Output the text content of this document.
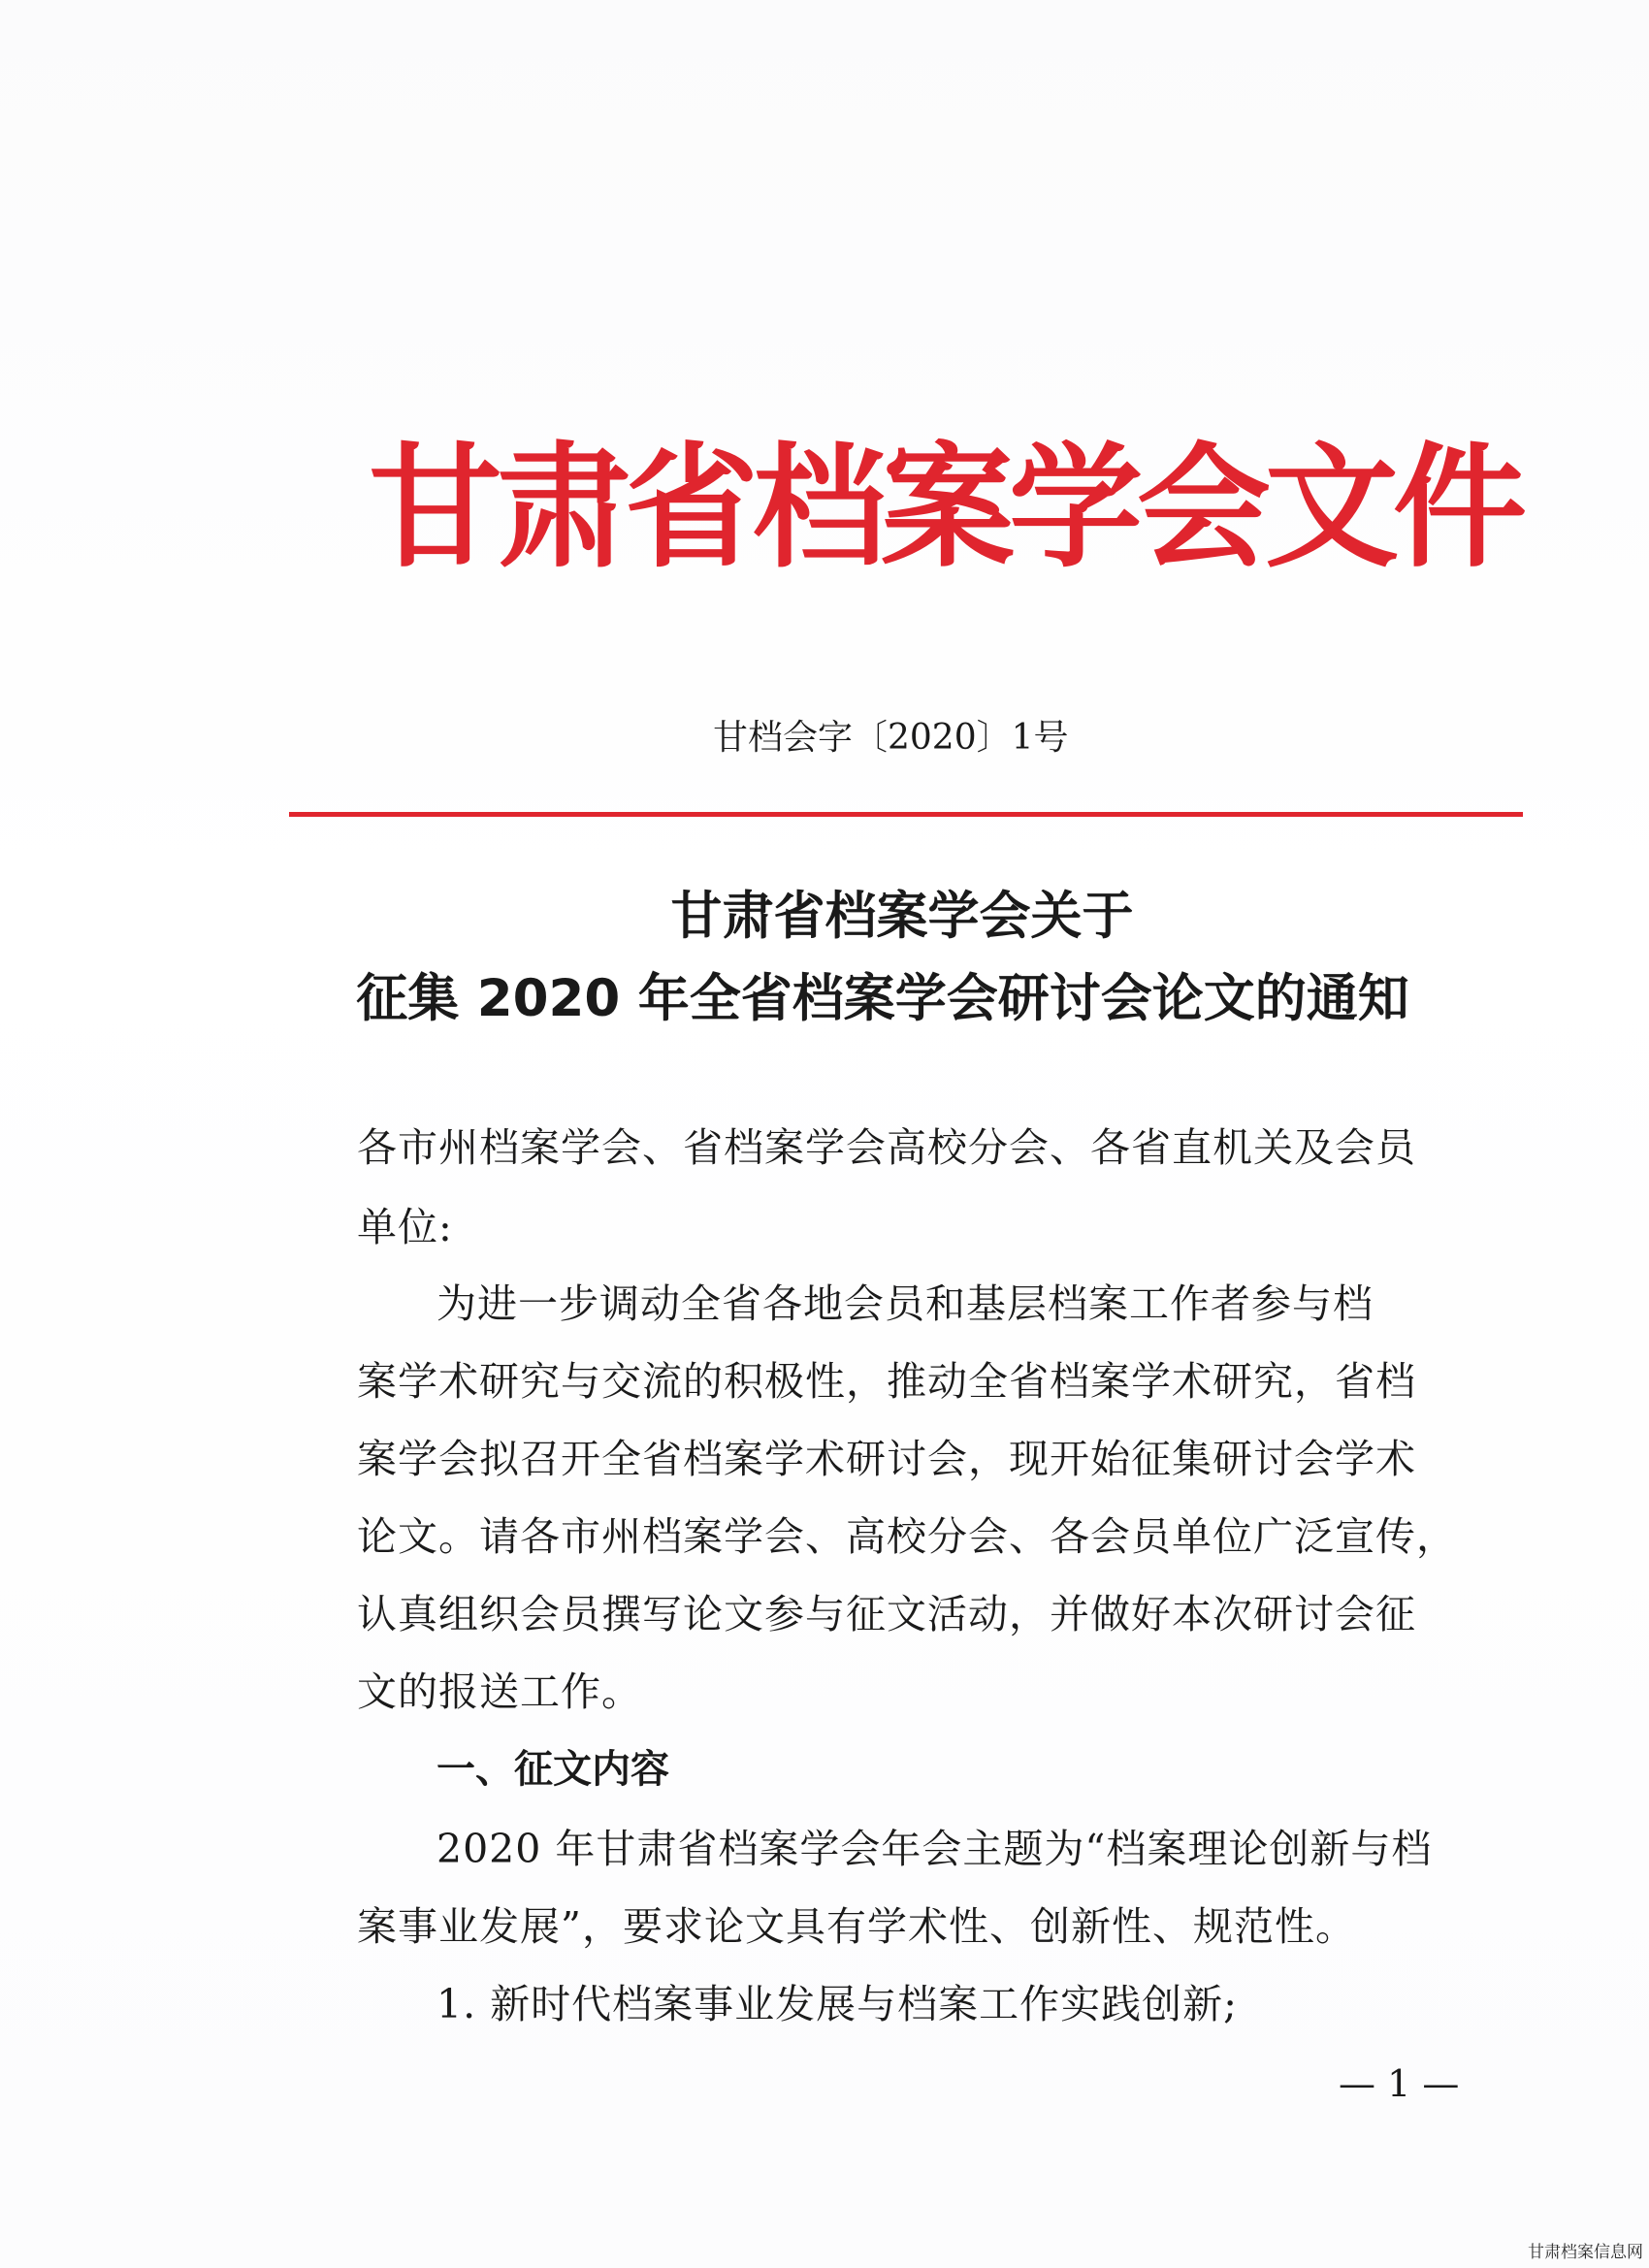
甘肃省档案学会文件
甘档会字〔2020〕1号
甘肃省档案学会关于
征集 2020 年全省档案学会研讨会论文的通知
各市州档案学会、省档案学会高校分会、各省直机关及会员
单位:
为进一步调动全省各地会员和基层档案工作者参与档
案学术研究与交流的积极性，推动全省档案学术研究，省档
案学会拟召开全省档案学术研讨会，现开始征集研讨会学术
论文。请各市州档案学会、高校分会、各会员单位广泛宣传，
认真组织会员撰写论文参与征文活动，并做好本次研讨会征
文的报送工作。
一、征文内容
2020 年甘肃省档案学会年会主题为“档案理论创新与档
案事业发展”，要求论文具有学术性、创新性、规范性。
1. 新时代档案事业发展与档案工作实践创新;
— 1 —
甘肃档案信息网
